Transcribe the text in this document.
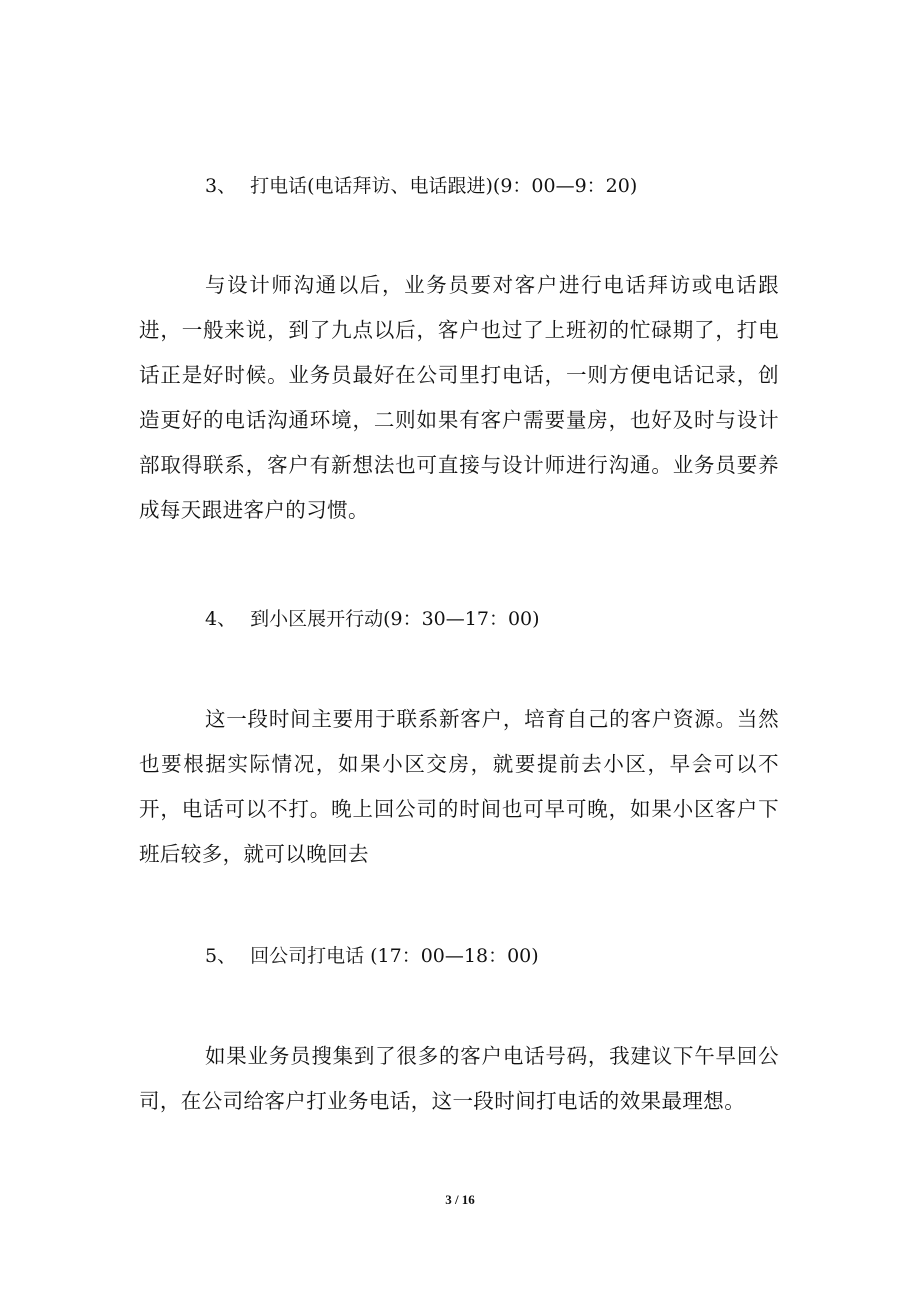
3、 打电话(电话拜访、电话跟进)(9：00—9：20)
与设计师沟通以后，业务员要对客户进行电话拜访或电话跟进，一般来说，到了九点以后，客户也过了上班初的忙碌期了，打电话正是好时候。业务员最好在公司里打电话，一则方便电话记录，创造更好的电话沟通环境，二则如果有客户需要量房，也好及时与设计部取得联系，客户有新想法也可直接与设计师进行沟通。业务员要养成每天跟进客户的习惯。
4、 到小区展开行动(9：30—17：00)
这一段时间主要用于联系新客户，培育自己的客户资源。当然也要根据实际情况，如果小区交房，就要提前去小区，早会可以不开，电话可以不打。晚上回公司的时间也可早可晚，如果小区客户下班后较多，就可以晚回去
5、 回公司打电话 (17：00—18：00)
如果业务员搜集到了很多的客户电话号码，我建议下午早回公司，在公司给客户打业务电话，这一段时间打电话的效果最理想。
3 / 16
